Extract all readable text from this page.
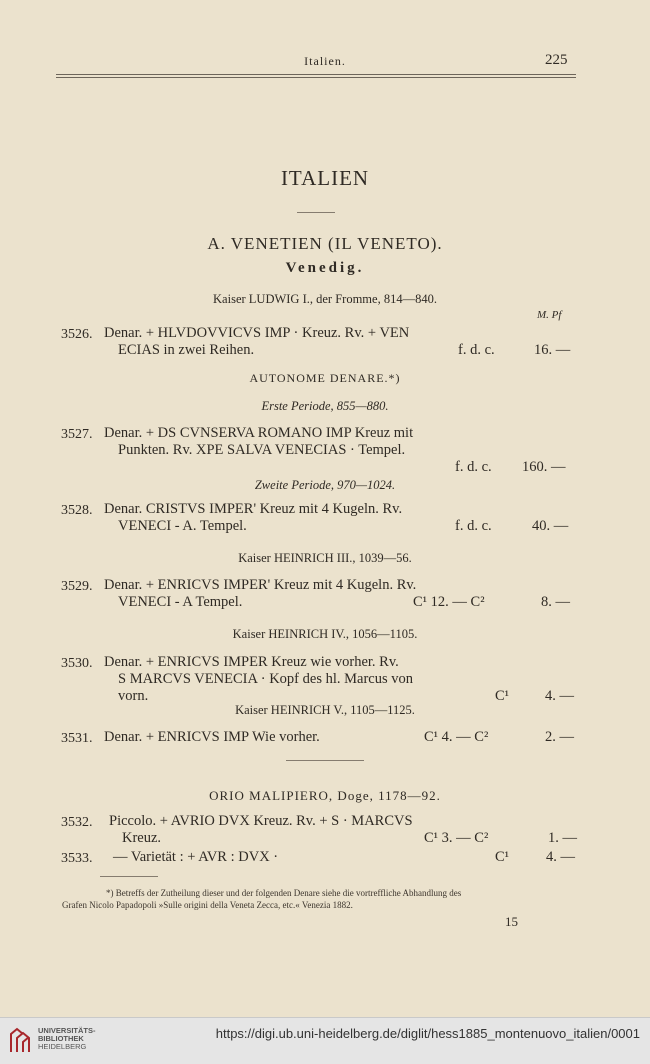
Italien.	225
ITALIEN
A. VENETIEN (IL VENETO).
Venedig.
Kaiser LUDWIG I., der Fromme, 814—840.
M. Pf
3526. Denar. + HLVDOVVICVS IMP · Kreuz. Rv. + VEN
ECIAS in zwei Reihen.	f. d. c.	16. —
AUTONOME DENARE.*)
Erste Periode, 855—880.
3527. Denar. + DS CVNSERVA ROMANO IMP Kreuz mit
Punkten. Rv. XPE SALVA VENECIAS · Tempel.
f. d. c. 160. —
Zweite Periode, 970—1024.
3528. Denar. CRISTVS IMPER' Kreuz mit 4 Kugeln. Rv.
VENECI - A. Tempel.	f. d. c.	40. —
Kaiser HEINRICH III., 1039—56.
3529. Denar. + ENRICVS IMPER' Kreuz mit 4 Kugeln. Rv.
VENECI - A Tempel.	C¹ 12. — C²	8. —
Kaiser HEINRICH IV., 1056—1105.
3530. Denar. + ENRICVS IMPER Kreuz wie vorher. Rv.
S MARCVS VENECIA · Kopf des hl. Marcus von
vorn.	C¹ 4. —
Kaiser HEINRICH V., 1105—1125.
3531. Denar. + ENRICVS IMP Wie vorher.	C¹ 4. — C²	2. —
ORIO MALIPIERO, Doge, 1178—92.
3532. Piccolo. + AVRIO DVX Kreuz. Rv. + S · MARCVS
Kreuz.	C¹ 3. — C²	1. —
3533. — Varietät : + AVR : DVX ·	C¹	4. —
*) Betreffs der Zutheilung dieser und der folgenden Denare siehe die vortreffliche Abhandlung des
Grafen Nicolo Papadopoli »Sulle origini della Veneta Zecca, etc.« Venezia 1882.
15
UNIVERSITÄTS-
BIBLIOTHEK
HEIDELBERG
https://digi.ub.uni-heidelberg.de/diglit/hess1885_montenuovo_italien/0001
